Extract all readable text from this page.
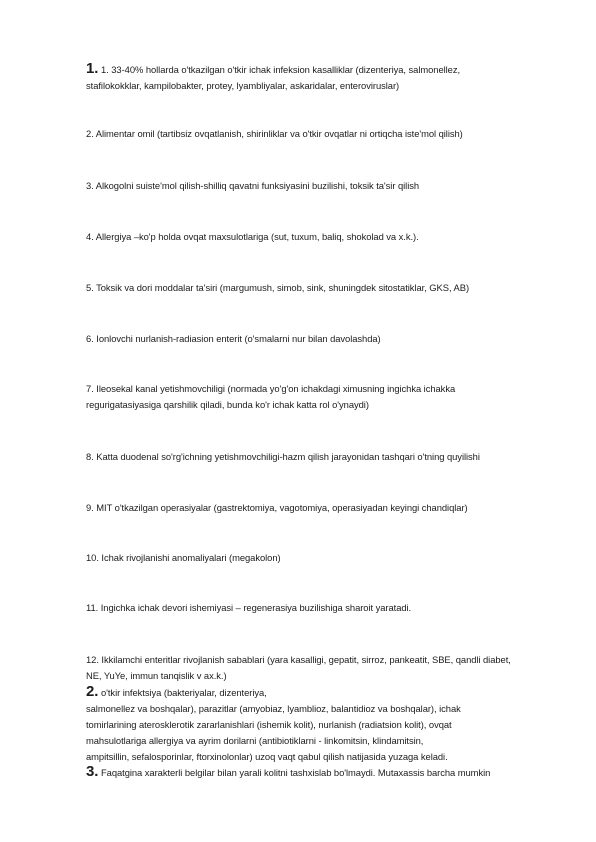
1. 1. 33-40% hollarda o'tkazilgan o'tkir ichak infeksion kasalliklar (dizenteriya, salmonellez,
stafilokokklar, kampilobakter, protey, lyambliyalar, askaridalar, enteroviruslar)
2. Alimentar omil (tartibsiz ovqatlanish, shirinliklar va o'tkir ovqatlar ni ortiqcha iste'mol qilish)
3. Alkogolni suiste'mol qilish-shilliq qavatni funksiyasini buzilishi, toksik ta'sir qilish
4. Allergiya –ko'p holda ovqat maxsulotlariga (sut, tuxum, baliq, shokolad va x.k.).
5. Toksik va dori moddalar ta'siri (margumush, simob, sink, shuningdek sitostatiklar, GKS, AB)
6. Ionlovchi nurlanish-radiasion enterit (o'smalarni nur bilan davolashda)
7. Ileosekal kanal yetishmovchiligi (normada yo'g'on ichakdagi ximusning ingichka ichakka
regurigatasiyasiga qarshilik qiladi, bunda ko'r ichak katta rol o'ynaydi)
8. Katta duodenal so'rg'ichning yetishmovchiligi-hazm qilish jarayonidan tashqari o'tning quyilishi
9. MIT o'tkazilgan operasiyalar (gastrektomiya, vagotomiya, operasiyadan keyingi chandiqlar)
10. Ichak rivojlanishi anomaliyalari (megakolon)
11. Ingichka ichak devori ishemiyasi – regenerasiya buzilishiga sharoit yaratadi.
12. Ikkilamchi enteritlar rivojlanish sabablari (yara kasalligi, gepatit, sirroz, pankeatit, SBE, qandli diabet,
NE, YuYe, immun tanqislik v ax.k.)
2. o'tkir infektsiya (bakteriyalar, dizenteriya,
salmonellez va boshqalar), parazitlar (amyobiaz, lyamblioz, balantidioz va boshqalar), ichak
tomirlarining aterosklerotik zararlanishlari (ishemik kolit), nurlanish (radiatsion kolit), ovqat
mahsulotlariga allergiya va ayrim dorilarni (antibiotiklarni - linkomitsin, klindamitsin,
ampitsillin, sefalosporinlar, ftorxinolonlar) uzoq vaqt qabul qilish natijasida yuzaga keladi.
3. Faqatgina xarakterli belgilar bilan yarali kolitni tashxislab bo'lmaydi. Mutaxassis barcha mumkin
